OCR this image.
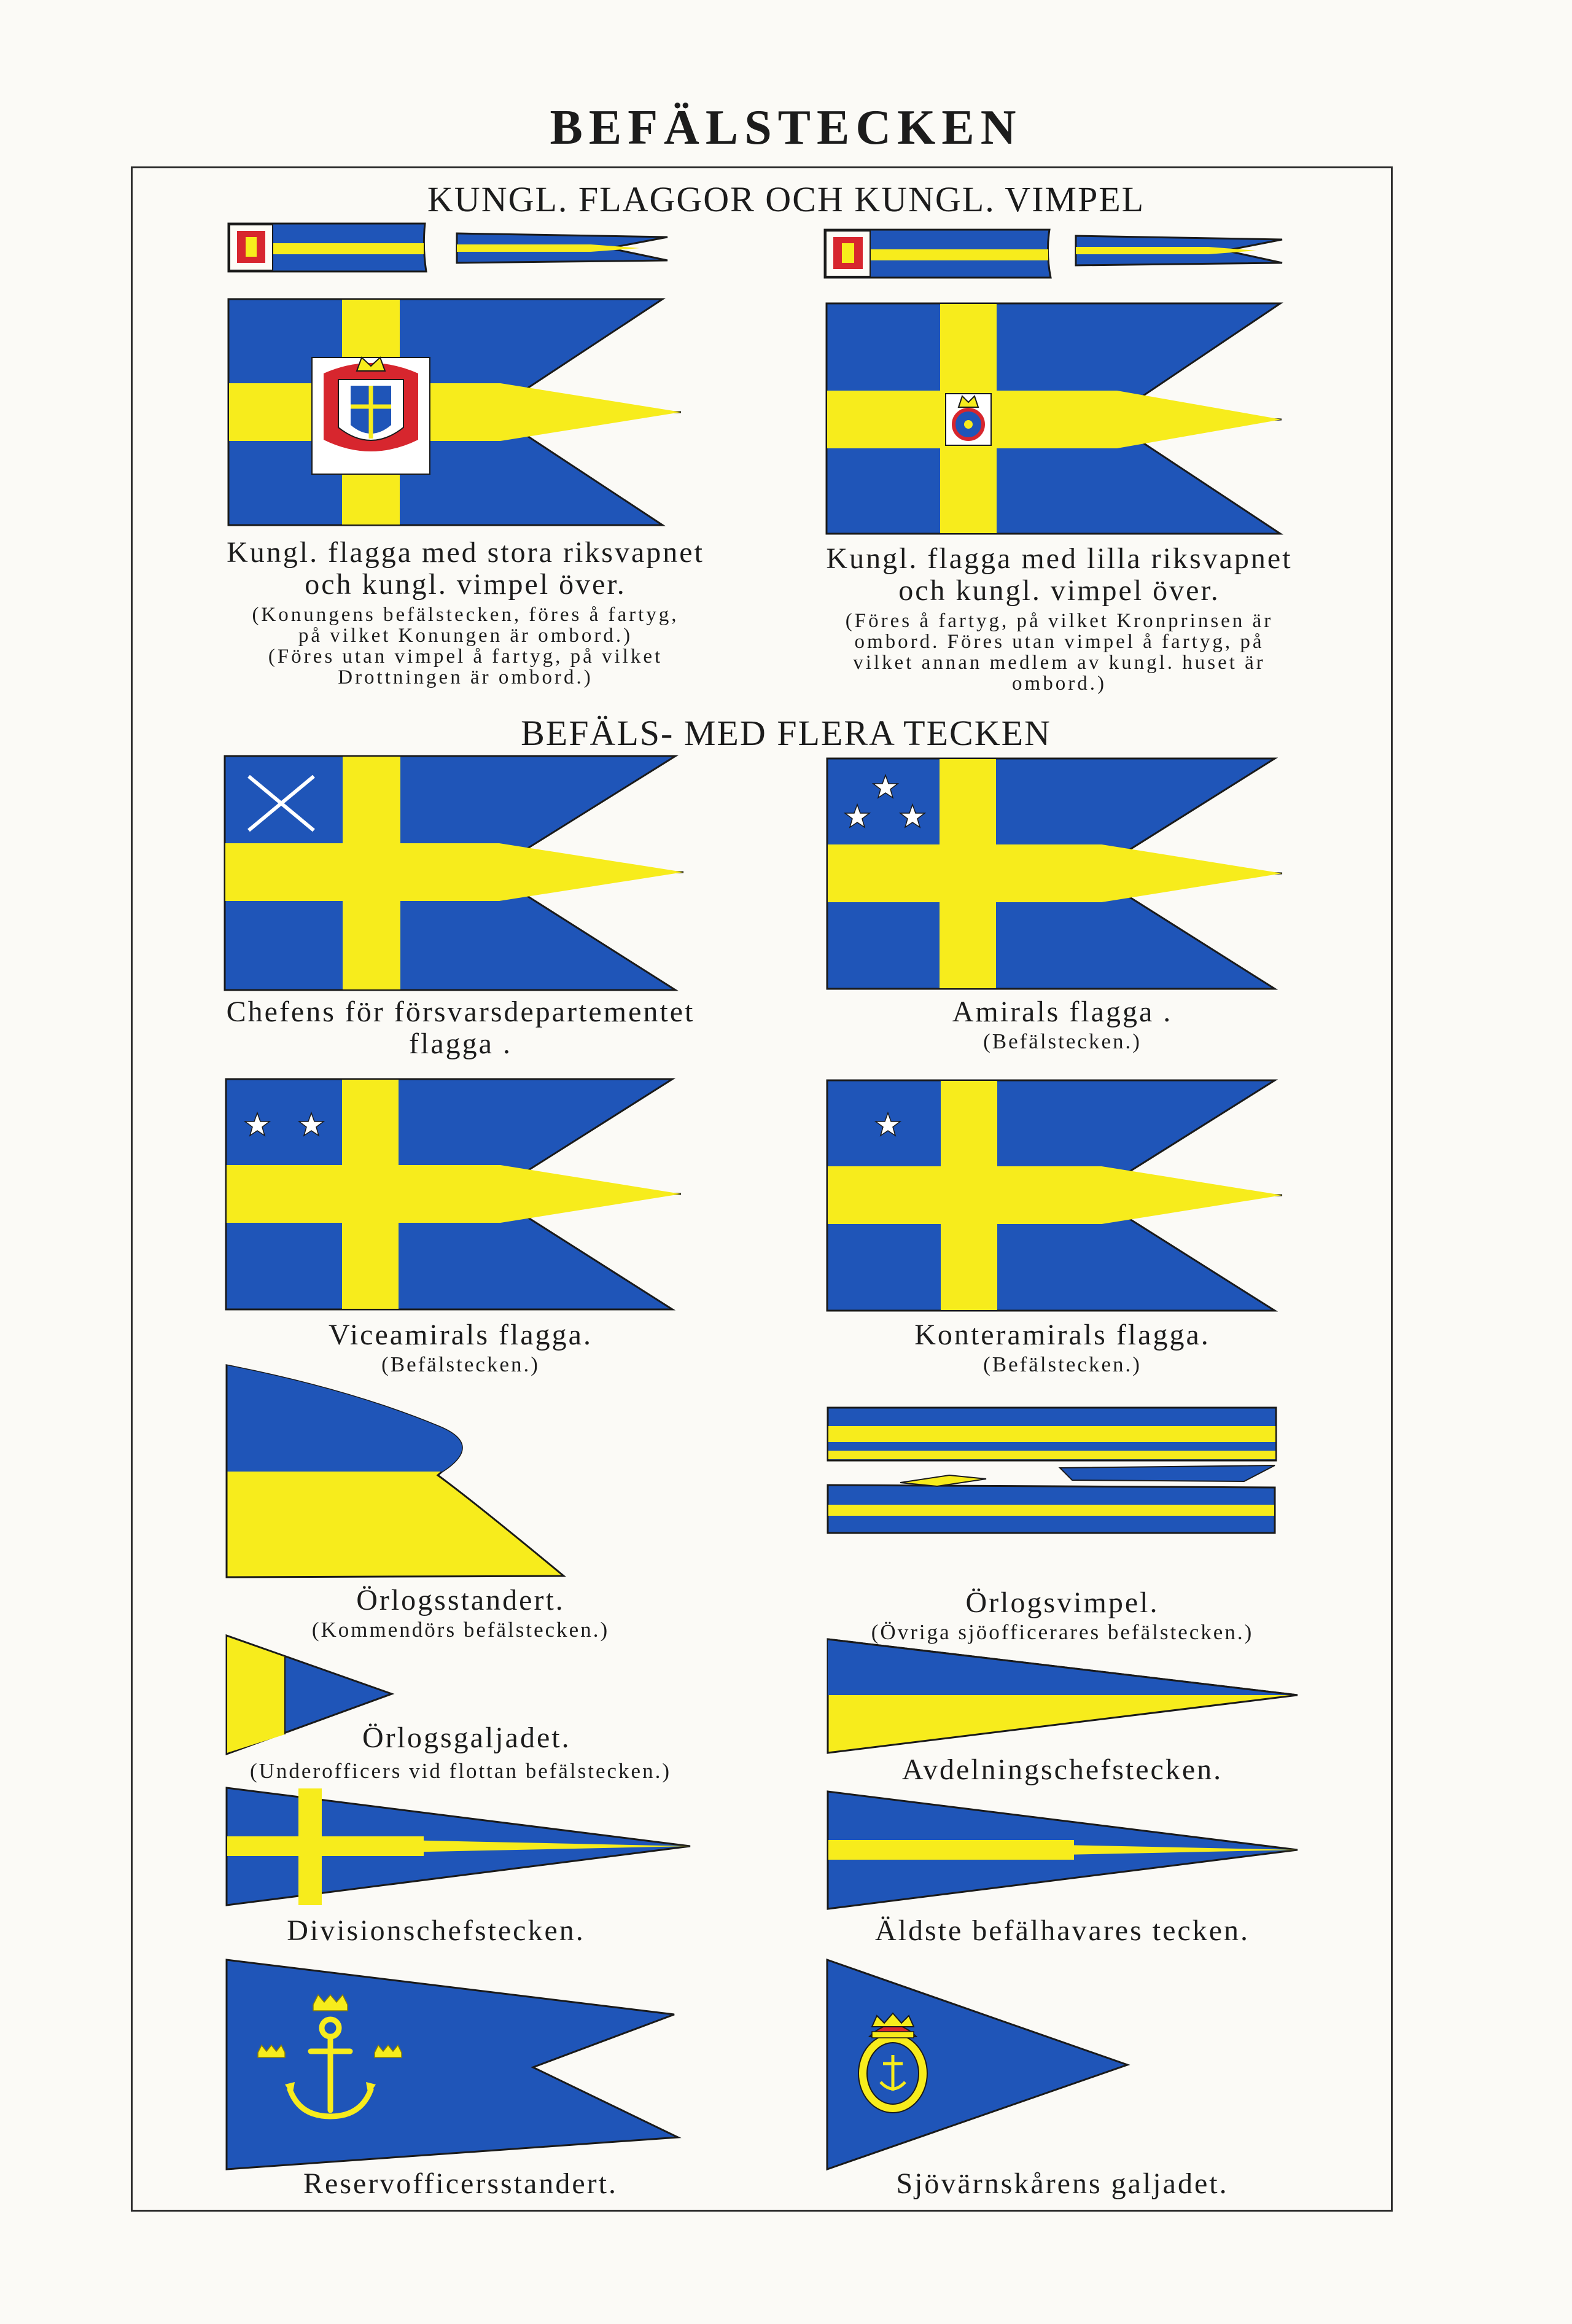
BEFÄLSTECKEN
KUNGL. FLAGGOR OCH KUNGL. VIMPEL
Kungl. flagga med stora riksvapnet
och kungl. vimpel över.
(Konungens befälstecken, föres å fartyg,
på vilket Konungen är ombord.)
(Föres utan vimpel å fartyg, på vilket
Drottningen är ombord.)
Kungl. flagga med lilla riksvapnet
och kungl. vimpel över.
(Föres å fartyg, på vilket Kronprinsen är
ombord. Föres utan vimpel å fartyg, på
vilket annan medlem av kungl. huset är
ombord.)
BEFÄLS- MED FLERA TECKEN
Chefens för försvarsdepartementet
flagga .
Amirals flagga .
(Befälstecken.)
Viceamirals flagga.
(Befälstecken.)
Konteramirals flagga.
(Befälstecken.)
Örlogsstandert.
(Kommendörs befälstecken.)
Örlogsvimpel.
(Övriga sjöofficerares befälstecken.)
Örlogsgaljadet.
(Underofficers vid flottan befälstecken.)	Avdelningschefstecken.
Divisionschefstecken.	Äldste befälhavares tecken.
Reservofficersstandert.	Sjövärnskårens galjadet.
